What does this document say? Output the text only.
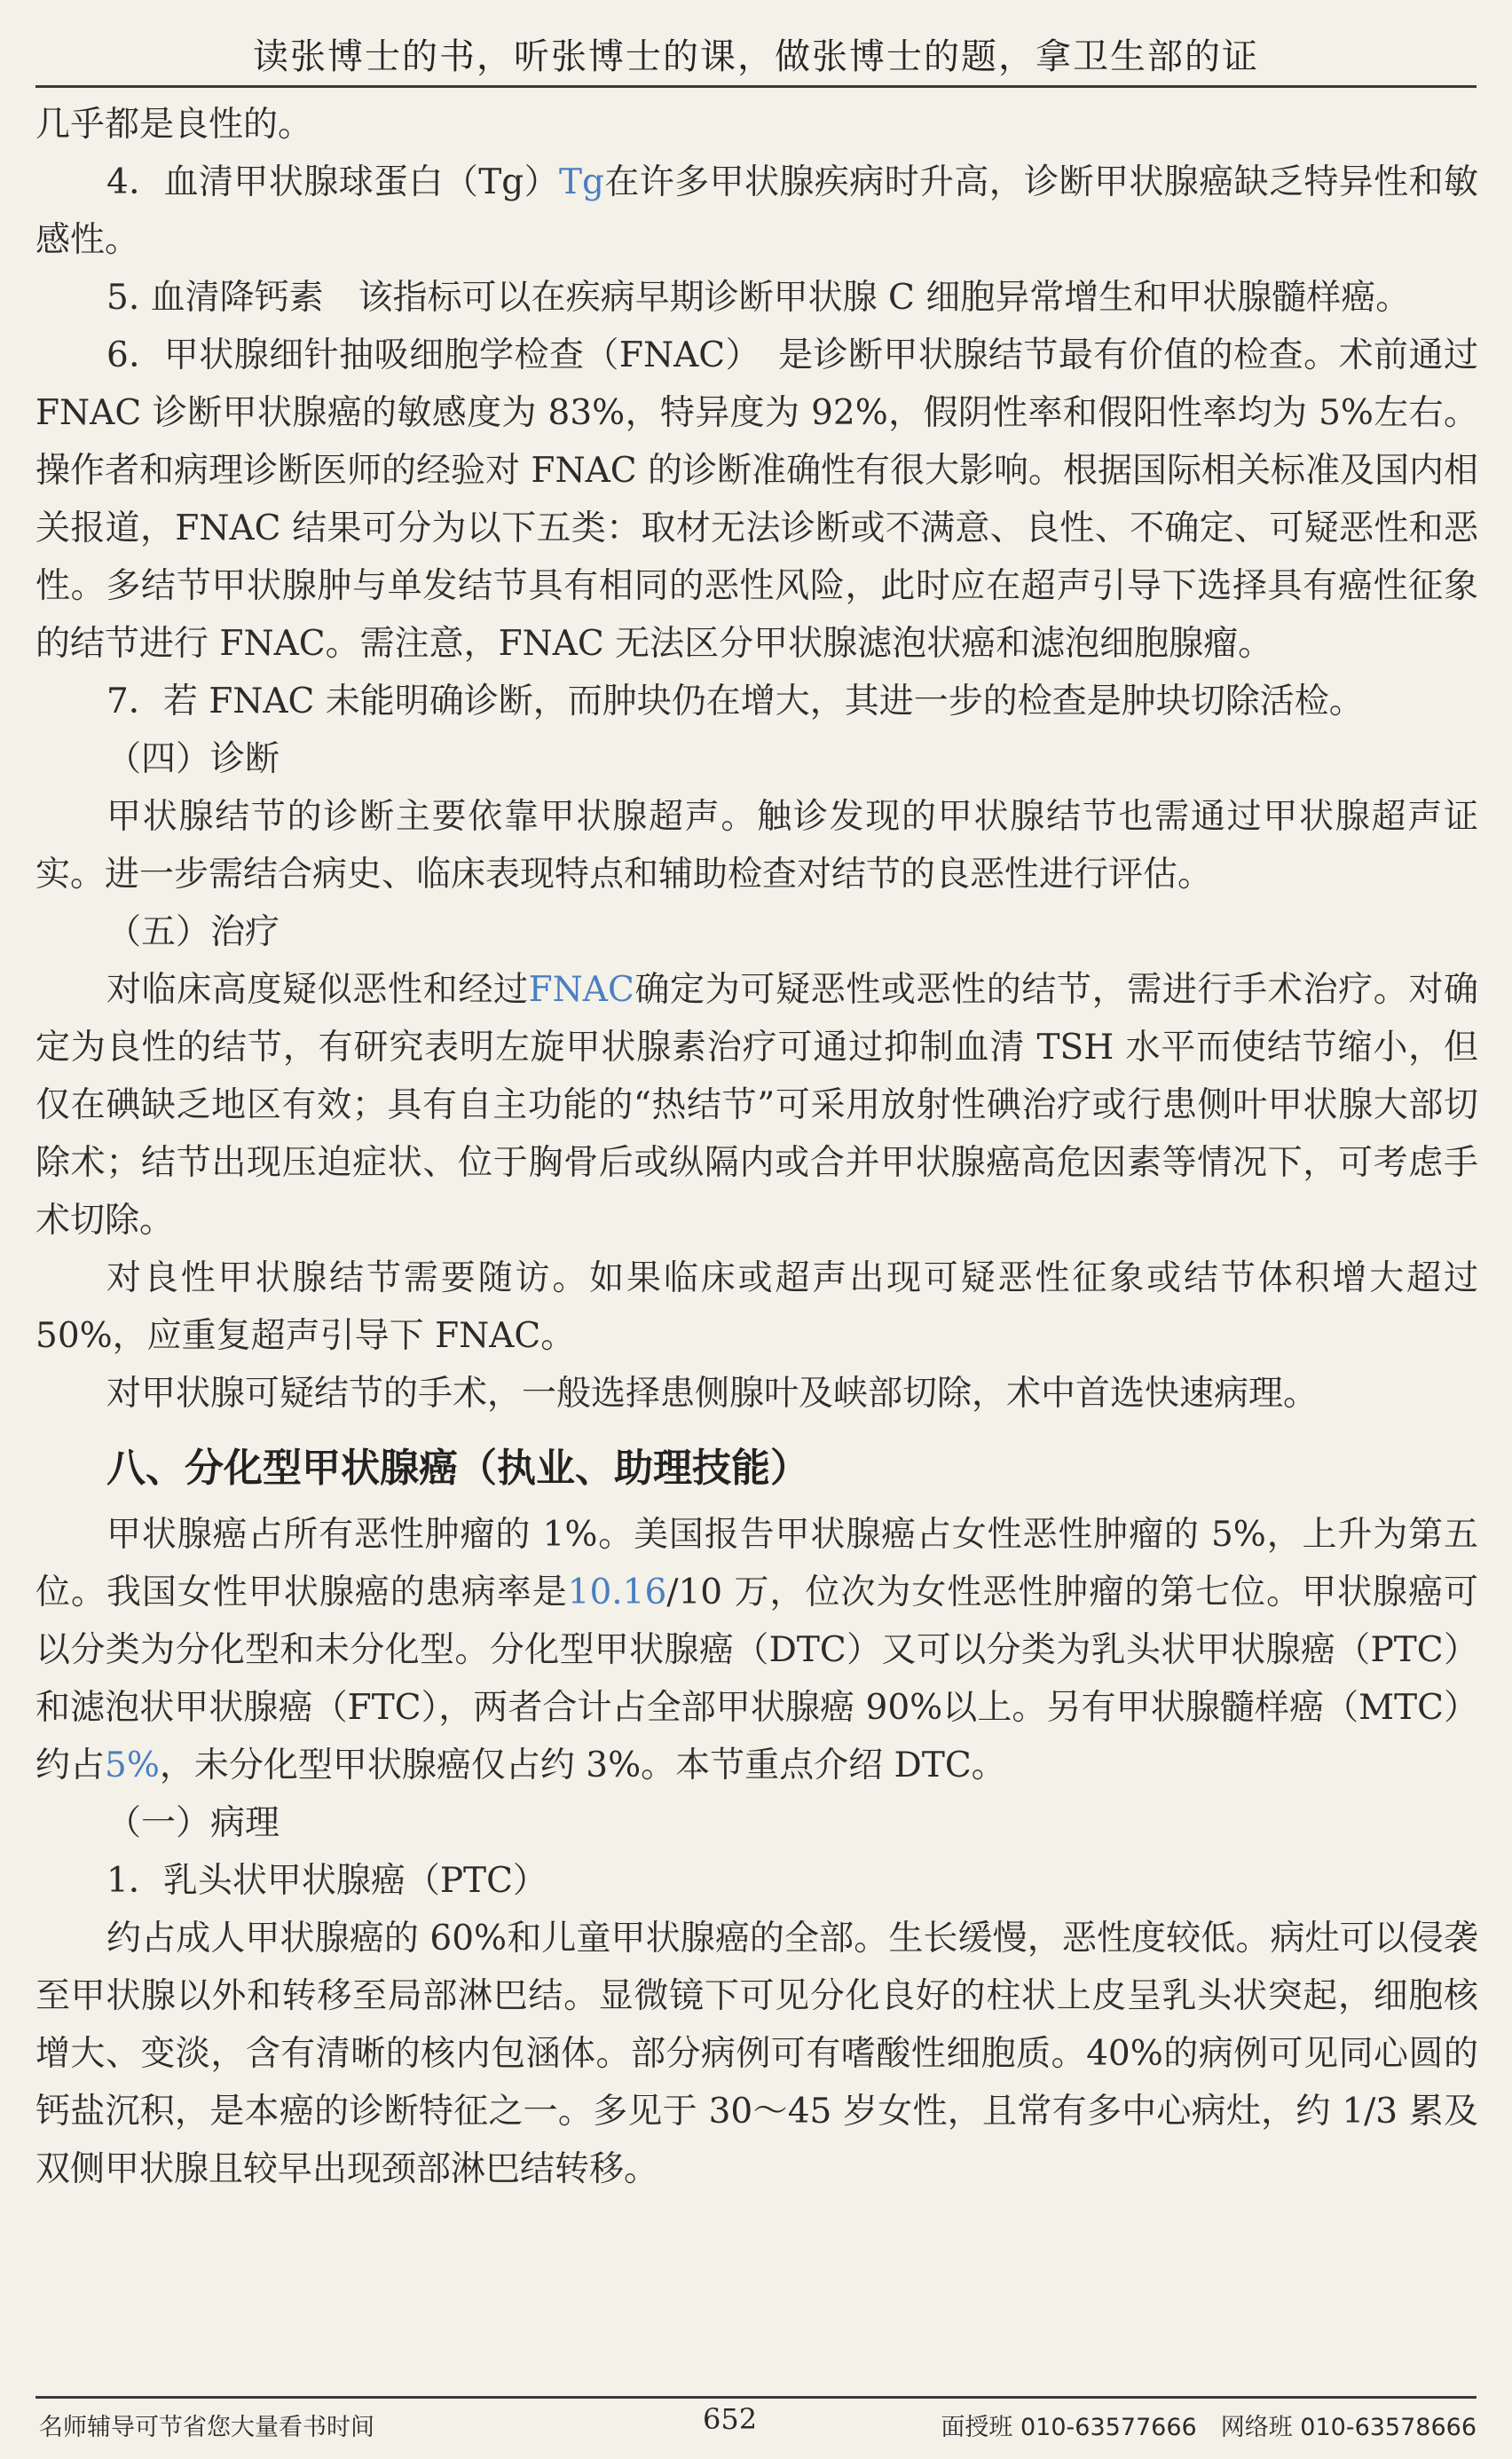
读张博士的书，听张博士的课，做张博士的题，拿卫生部的证

几乎都是良性的。

4．血清甲状腺球蛋白（Tg）Tg在许多甲状腺疾病时升高，诊断甲状腺癌缺乏特异性和敏感性。

5. 血清降钙素　该指标可以在疾病早期诊断甲状腺 C 细胞异常增生和甲状腺髓样癌。

6．甲状腺细针抽吸细胞学检查（FNAC）　是诊断甲状腺结节最有价值的检查。术前通过 FNAC 诊断甲状腺癌的敏感度为 83%，特异度为 92%，假阴性率和假阳性率均为 5%左右。操作者和病理诊断医师的经验对 FNAC 的诊断准确性有很大影响。根据国际相关标准及国内相关报道，FNAC 结果可分为以下五类：取材无法诊断或不满意、良性、不确定、可疑恶性和恶性。多结节甲状腺肿与单发结节具有相同的恶性风险，此时应在超声引导下选择具有癌性征象的结节进行 FNAC。需注意，FNAC 无法区分甲状腺滤泡状癌和滤泡细胞腺瘤。

7．若 FNAC 未能明确诊断，而肿块仍在增大，其进一步的检查是肿块切除活检。

（四）诊断

甲状腺结节的诊断主要依靠甲状腺超声。触诊发现的甲状腺结节也需通过甲状腺超声证实。进一步需结合病史、临床表现特点和辅助检查对结节的良恶性进行评估。

（五）治疗

对临床高度疑似恶性和经过FNAC确定为可疑恶性或恶性的结节，需进行手术治疗。对确定为良性的结节，有研究表明左旋甲状腺素治疗可通过抑制血清 TSH 水平而使结节缩小，但仅在碘缺乏地区有效；具有自主功能的“热结节”可采用放射性碘治疗或行患侧叶甲状腺大部切除术；结节出现压迫症状、位于胸骨后或纵隔内或合并甲状腺癌高危因素等情况下，可考虑手术切除。

对良性甲状腺结节需要随访。如果临床或超声出现可疑恶性征象或结节体积增大超过 50%，应重复超声引导下 FNAC。

对甲状腺可疑结节的手术，一般选择患侧腺叶及峡部切除，术中首选快速病理。

八、分化型甲状腺癌（执业、助理技能）

甲状腺癌占所有恶性肿瘤的 1%。美国报告甲状腺癌占女性恶性肿瘤的 5%，上升为第五位。我国女性甲状腺癌的患病率是10.16/10 万，位次为女性恶性肿瘤的第七位。甲状腺癌可以分类为分化型和未分化型。分化型甲状腺癌（DTC）又可以分类为乳头状甲状腺癌（PTC）和滤泡状甲状腺癌（FTC），两者合计占全部甲状腺癌 90%以上。另有甲状腺髓样癌（MTC）约占5%，未分化型甲状腺癌仅占约 3%。本节重点介绍 DTC。

（一）病理

1．乳头状甲状腺癌（PTC）

约占成人甲状腺癌的 60%和儿童甲状腺癌的全部。生长缓慢，恶性度较低。病灶可以侵袭至甲状腺以外和转移至局部淋巴结。显微镜下可见分化良好的柱状上皮呈乳头状突起，细胞核增大、变淡，含有清晰的核内包涵体。部分病例可有嗜酸性细胞质。40%的病例可见同心圆的钙盐沉积，是本癌的诊断特征之一。多见于 30～45 岁女性，且常有多中心病灶，约 1/3 累及双侧甲状腺且较早出现颈部淋巴结转移。

名师辅导可节省您大量看书时间	652	面授班 010-63577666　网络班 010-63578666
